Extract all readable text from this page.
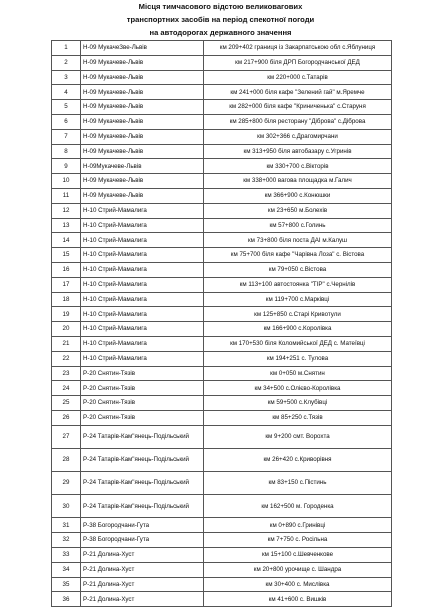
Місця тимчасового відстою великовагових
транспортних засобів на період спекотної погоди
на автодорогах державного значення
1	Н-09 МукачеЗве-Львів	км 209+402 границя із Закарпатською обл с.Яблуниця
2	Н-09 Мукачеве-Львів	км 217+900 біля ДРП Богородчанської ДЕД
3	Н-09 Мукачеве-Львів	км 220+000 с.Татарів
4	Н-09 Мукачеве-Львів	км 241+000 біля кафе "Зелений гай" м.Яремче
5	Н-09 Мукачеве-Львів	км 282+000 біля кафе "Криниченька" с.Старуня
6	Н-09 Мукачеве-Львів	км 285+800 біля ресторану "Діброва" с.Діброва
7	Н-09 Мукачеве-Львів	км 302+366 с.Драгомирчани
8	Н-09 Мукачеве-Львів	км 313+950 біля автобазару с.Угринів
9	Н-09Мукачеве-Львів	км 330+700 с.Вікторів
10	Н-09 Мукачеве-Львів	км 338+000 вагова площадка м.Галич
11	Н-09 Мукачеве-Львів	км 366+900 с.Конюшки
12	Н-10 Стрий-Мамалига	км 23+650 м.Болехів
13	Н-10 Стрий-Мамалига	км 57+800 с.Голинь
14	Н-10 Стрий-Мамалига	км 73+800 біля поста ДАІ м.Калуш
15	Н-10 Стрий-Мамалига	км 75+700 біля кафе "Чарівна Лоза" с. Вістова
16	Н-10 Стрий-Мамалига	км 79+050 с.Вістова
17	Н-10 Стрий-Мамалига	км 113+100 автостоянка "ТІР" с.Чернілів
18	Н-10 Стрий-Мамалига	км 119+700 с.Марківці
19	Н-10 Стрий-Мамалига	км 125+850 с.Старі Кривотули
20	Н-10 Стрий-Мамалига	км 166+900 с.Королівка
21	Н-10 Стрий-Мамалига	км 170+530 біля Коломийської ДЕД с. Матеївці
22	Н-10 Стрий-Мамалига	км 194+251 с. Тулова
23	Р-20 Снятин-Тязів	км 0+050 м.Снятин
24	Р-20 Снятин-Тязів	км 34+500 с.Олієво-Королівка
25	Р-20 Снятин-Тязів	км 59+500 с.Клубівці
26	Р-20 Снятин-Тязів	км 85+250 с.Тязів
27	Р-24 Татарів-Кам"янець-Подільський	км 9+200 смт. Ворохта
28	Р-24 Татарів-Кам"янець-Подільський	км 26+420 с.Криворівня
29	Р-24 Татарів-Кам"янець-Подільський	км 83+150 с.Пістинь
30	Р-24 Татарів-Кам"янець-Подільський	км 162+500 м. Городенка
31	Р-38 Богородчани-Гута	км 0+890 с.Гринівці
32	Р-38 Богородчани-Гута	км 7+750 с. Росільна
33	Р-21 Долина-Хуст	км 15+100 с.Шевченкове
34	Р-21 Долина-Хуст	км 20+800 урочище с. Шандра
35	Р-21 Долина-Хуст	км 30+400 с. Мислівка
36	Р-21 Долина-Хуст	км 41+600 с. Вишків
